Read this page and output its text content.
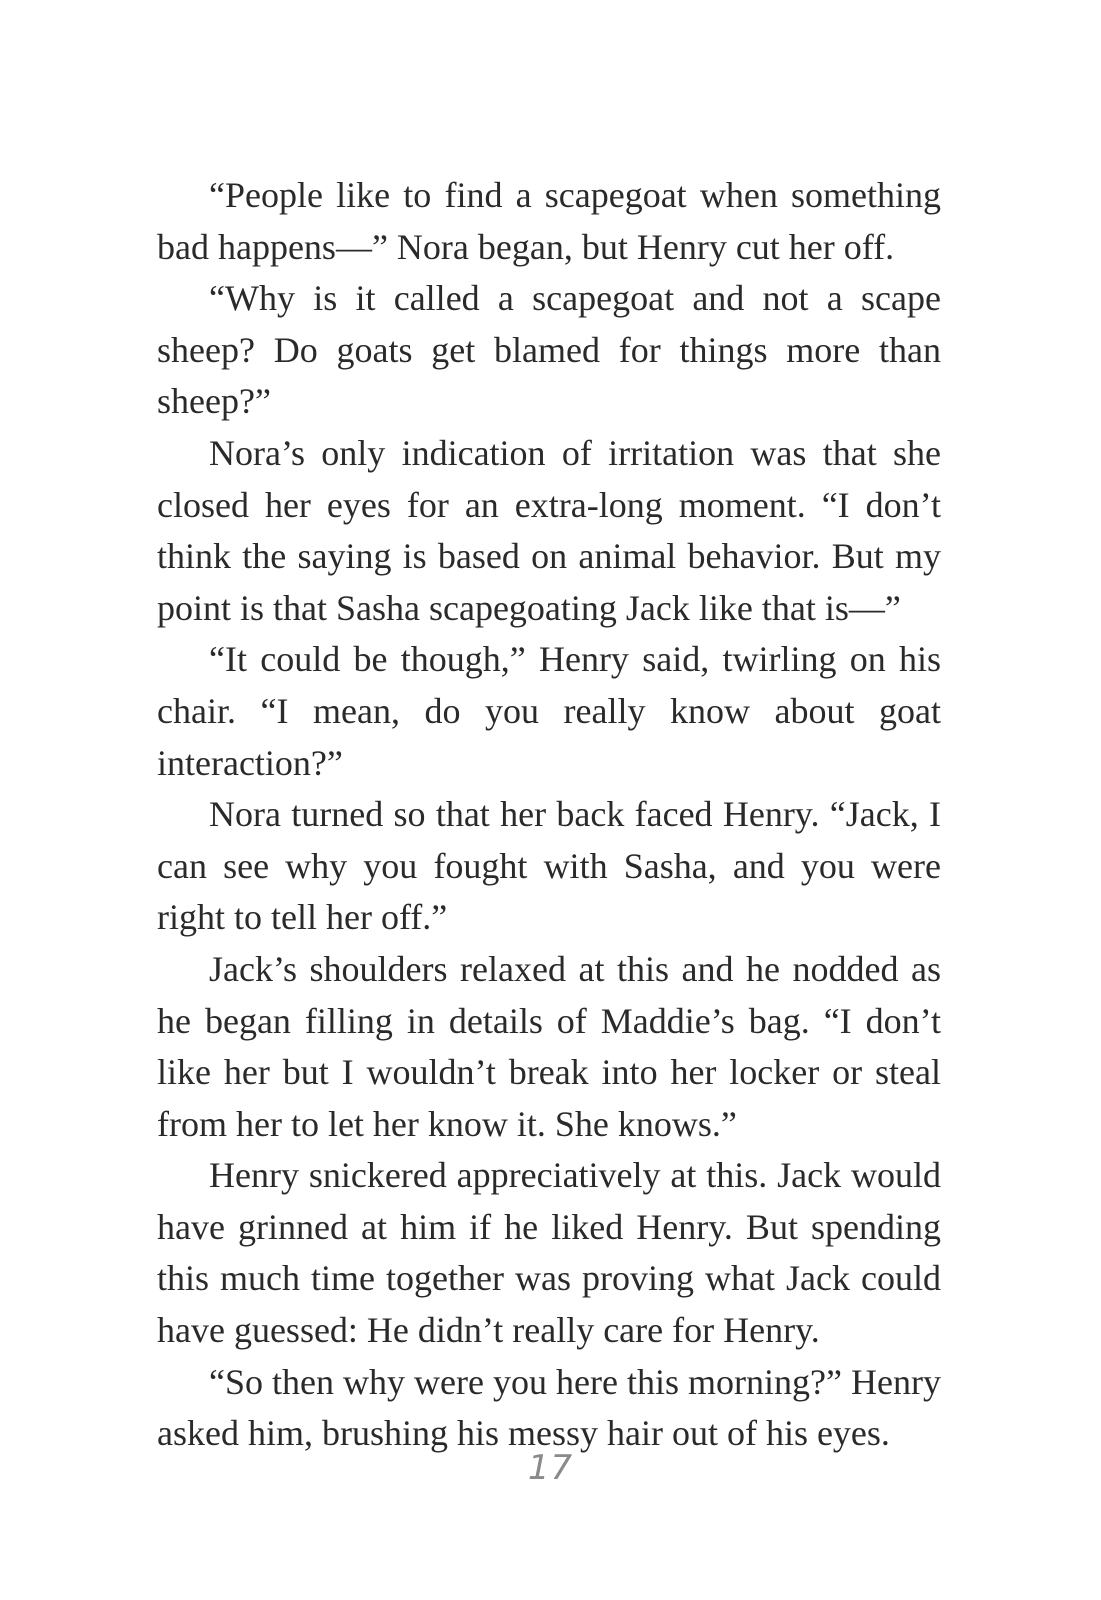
“People like to find a scapegoat when something bad happens—” Nora began, but Henry cut her off.

“Why is it called a scapegoat and not a scape sheep? Do goats get blamed for things more than sheep?”

Nora’s only indication of irritation was that she closed her eyes for an extra-long moment. “I don’t think the saying is based on animal behavior. But my point is that Sasha scapegoating Jack like that is—”

“It could be though,” Henry said, twirling on his chair. “I mean, do you really know about goat interaction?”

Nora turned so that her back faced Henry. “Jack, I can see why you fought with Sasha, and you were right to tell her off.”

Jack’s shoulders relaxed at this and he nodded as he began filling in details of Maddie’s bag. “I don’t like her but I wouldn’t break into her locker or steal from her to let her know it. She knows.”

Henry snickered appreciatively at this. Jack would have grinned at him if he liked Henry. But spending this much time together was proving what Jack could have guessed: He didn’t really care for Henry.

“So then why were you here this morning?” Henry asked him, brushing his messy hair out of his eyes.

17
